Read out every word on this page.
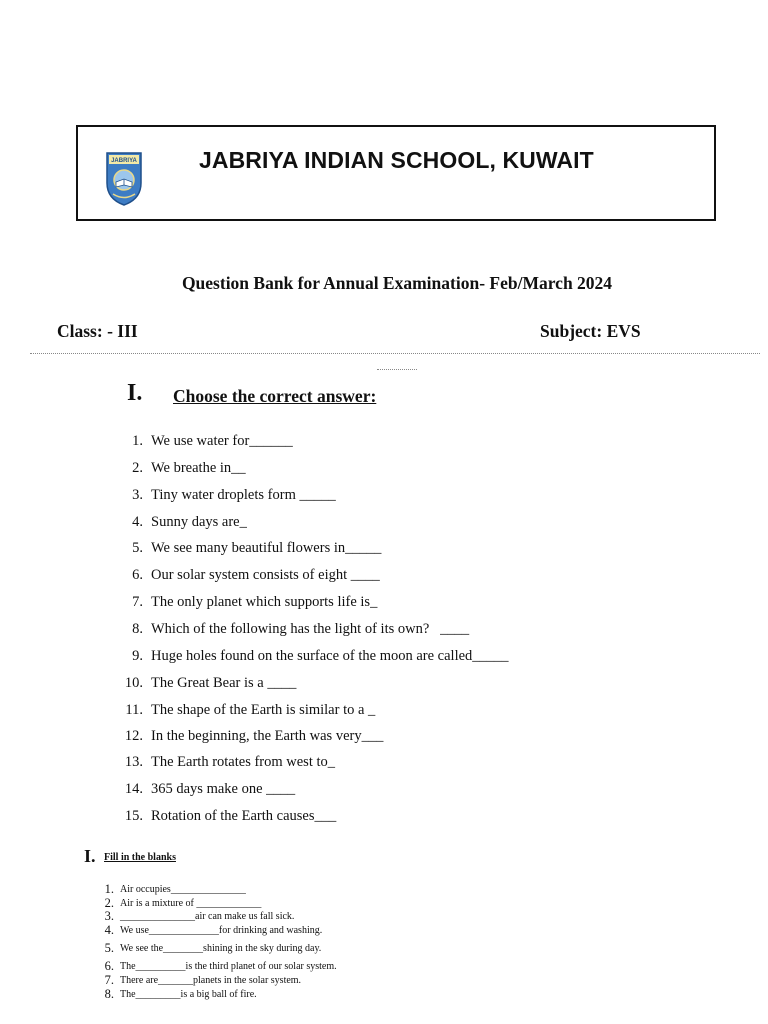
JABRIYA	JABRIYA INDIAN SCHOOL, KUWAIT
Question Bank for Annual Examination- Feb/March 2024
Class: - III	Subject: EVS
I. Choose the correct answer:
1. We use water for______
2. We breathe in__
3. Tiny water droplets form _____
4. Sunny days are_
5. We see many beautiful flowers in_____
6. Our solar system consists of eight ____
7. The only planet which supports life is_
8. Which of the following has the light of its own?   ____
9. Huge holes found on the surface of the moon are called_____
10. The Great Bear is a ____
11. The shape of the Earth is similar to a _
12. In the beginning, the Earth was very___
13. The Earth rotates from west to_
14. 365 days make one ____
15. Rotation of the Earth causes___
I. Fill in the blanks
1. Air occupies_______________
2. Air is a mixture of _____________
3. _______________air can make us fall sick.
4. We use______________for drinking and washing.
5. We see the________shining in the sky during day.
6. The__________is the third planet of our solar system.
7. There are_______planets in the solar system.
8. The_________is a big ball of fire.
